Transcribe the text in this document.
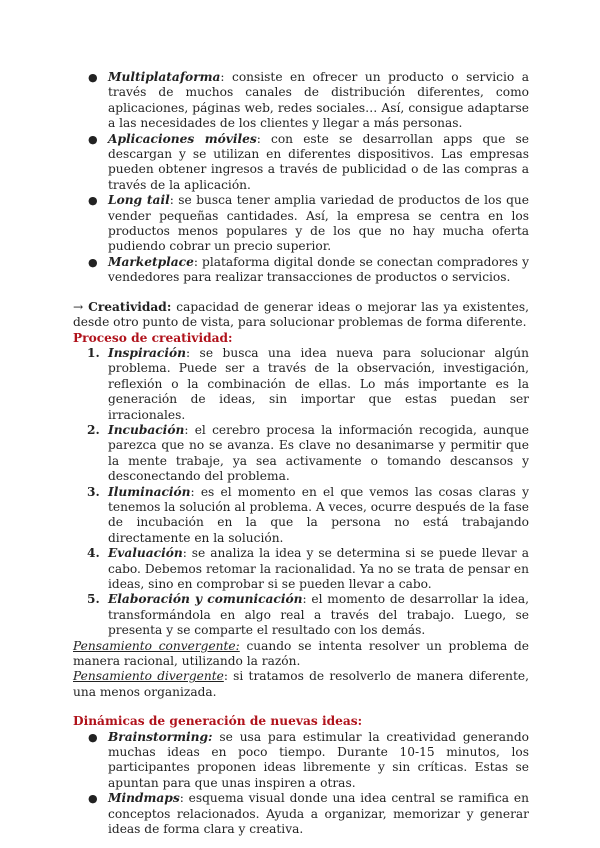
● Multiplataforma: consiste en ofrecer un producto o servicio a través de muchos canales de distribución diferentes, como aplicaciones, páginas web, redes sociales… Así, consigue adaptarse a las necesidades de los clientes y llegar a más personas.
● Aplicaciones móviles: con este se desarrollan apps que se descargan y se utilizan en diferentes dispositivos. Las empresas pueden obtener ingresos a través de publicidad o de las compras a través de la aplicación.
● Long tail: se busca tener amplia variedad de productos de los que vender pequeñas cantidades. Así, la empresa se centra en los productos menos populares y de los que no hay mucha oferta pudiendo cobrar un precio superior.
● Marketplace: plataforma digital donde se conectan compradores y vendedores para realizar transacciones de productos o servicios.
→ Creatividad: capacidad de generar ideas o mejorar las ya existentes, desde otro punto de vista, para solucionar problemas de forma diferente.
Proceso de creatividad:
1. Inspiración: se busca una idea nueva para solucionar algún problema. Puede ser a través de la observación, investigación, reflexión o la combinación de ellas. Lo más importante es la generación de ideas, sin importar que estas puedan ser irracionales.
2. Incubación: el cerebro procesa la información recogida, aunque parezca que no se avanza. Es clave no desanimarse y permitir que la mente trabaje, ya sea activamente o tomando descansos y desconectando del problema.
3. Iluminación: es el momento en el que vemos las cosas claras y tenemos la solución al problema. A veces, ocurre después de la fase de incubación en la que la persona no está trabajando directamente en la solución.
4. Evaluación: se analiza la idea y se determina si se puede llevar a cabo. Debemos retomar la racionalidad. Ya no se trata de pensar en ideas, sino en comprobar si se pueden llevar a cabo.
5. Elaboración y comunicación: el momento de desarrollar la idea, transformándola en algo real a través del trabajo. Luego, se presenta y se comparte el resultado con los demás.
Pensamiento convergente: cuando se intenta resolver un problema de manera racional, utilizando la razón.
Pensamiento divergente: si tratamos de resolverlo de manera diferente, una menos organizada.
Dinámicas de generación de nuevas ideas:
● Brainstorming: se usa para estimular la creatividad generando muchas ideas en poco tiempo. Durante 10-15 minutos, los participantes proponen ideas libremente y sin críticas. Estas se apuntan para que unas inspiren a otras.
● Mindmaps: esquema visual donde una idea central se ramifica en conceptos relacionados. Ayuda a organizar, memorizar y generar ideas de forma clara y creativa.
